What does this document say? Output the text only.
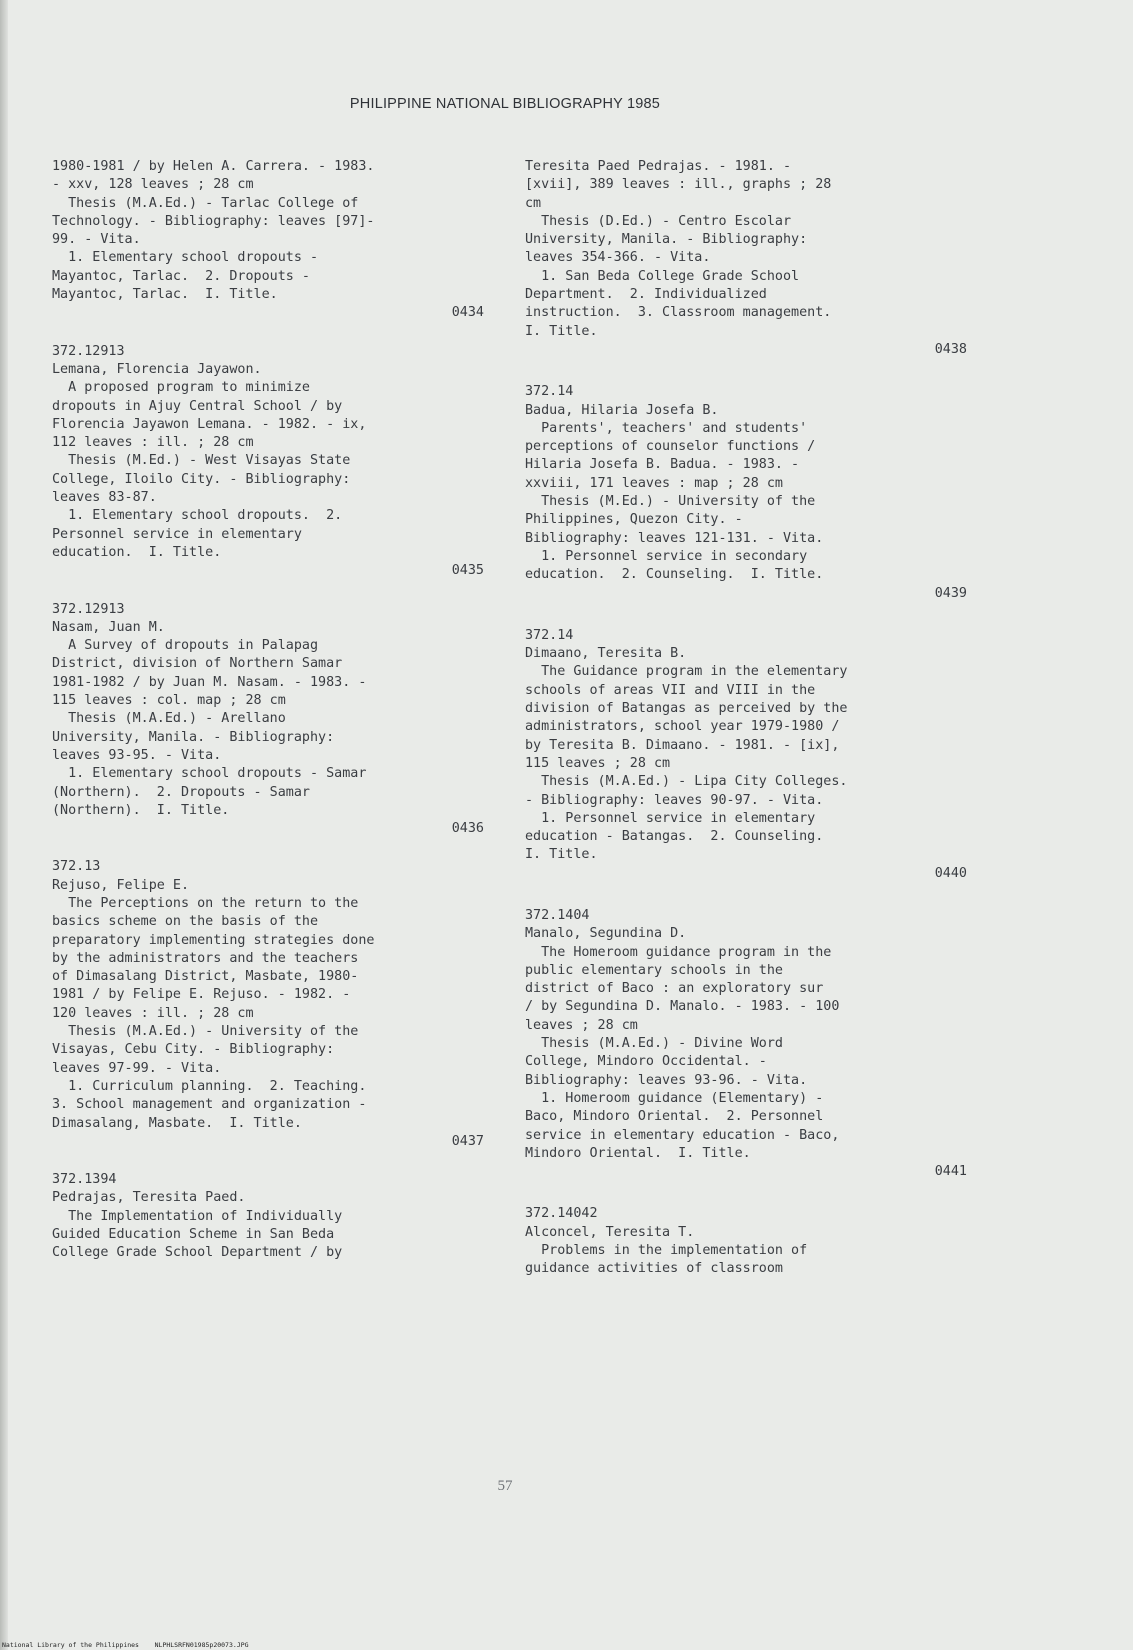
PHILIPPINE NATIONAL BIBLIOGRAPHY 1985
1980-1981 / by Helen A. Carrera. - 1983.
- xxv, 128 leaves ; 28 cm
Thesis (M.A.Ed.) - Tarlac College of
Technology. - Bibliography: leaves [97]-
99. - Vita.
1. Elementary school dropouts -
Mayantoc, Tarlac.  2. Dropouts -
Mayantoc, Tarlac.  I. Title.
0434
372.12913
Lemana, Florencia Jayawon.
A proposed program to minimize
dropouts in Ajuy Central School / by
Florencia Jayawon Lemana. - 1982. - ix,
112 leaves : ill. ; 28 cm
Thesis (M.Ed.) - West Visayas State
College, Iloilo City. - Bibliography:
leaves 83-87.
1. Elementary school dropouts.  2.
Personnel service in elementary
education.  I. Title.
0435
372.12913
Nasam, Juan M.
A Survey of dropouts in Palapag
District, division of Northern Samar
1981-1982 / by Juan M. Nasam. - 1983. -
115 leaves : col. map ; 28 cm
Thesis (M.A.Ed.) - Arellano
University, Manila. - Bibliography:
leaves 93-95. - Vita.
1. Elementary school dropouts - Samar
(Northern).  2. Dropouts - Samar
(Northern).  I. Title.
0436
372.13
Rejuso, Felipe E.
The Perceptions on the return to the
basics scheme on the basis of the
preparatory implementing strategies done
by the administrators and the teachers
of Dimasalang District, Masbate, 1980-
1981 / by Felipe E. Rejuso. - 1982. -
120 leaves : ill. ; 28 cm
Thesis (M.A.Ed.) - University of the
Visayas, Cebu City. - Bibliography:
leaves 97-99. - Vita.
1. Curriculum planning.  2. Teaching.
3. School management and organization -
Dimasalang, Masbate.  I. Title.
0437
372.1394
Pedrajas, Teresita Paed.
The Implementation of Individually
Guided Education Scheme in San Beda
College Grade School Department / by
Teresita Paed Pedrajas. - 1981. -
[xvii], 389 leaves : ill., graphs ; 28
cm
Thesis (D.Ed.) - Centro Escolar
University, Manila. - Bibliography:
leaves 354-366. - Vita.
1. San Beda College Grade School
Department.  2. Individualized
instruction.  3. Classroom management.
I. Title.
0438
372.14
Badua, Hilaria Josefa B.
Parents', teachers' and students'
perceptions of counselor functions /
Hilaria Josefa B. Badua. - 1983. -
xxviii, 171 leaves : map ; 28 cm
Thesis (M.Ed.) - University of the
Philippines, Quezon City. -
Bibliography: leaves 121-131. - Vita.
1. Personnel service in secondary
education.  2. Counseling.  I. Title.
0439
372.14
Dimaano, Teresita B.
The Guidance program in the elementary
schools of areas VII and VIII in the
division of Batangas as perceived by the
administrators, school year 1979-1980 /
by Teresita B. Dimaano. - 1981. - [ix],
115 leaves ; 28 cm
Thesis (M.A.Ed.) - Lipa City Colleges.
- Bibliography: leaves 90-97. - Vita.
1. Personnel service in elementary
education - Batangas.  2. Counseling.
I. Title.
0440
372.1404
Manalo, Segundina D.
The Homeroom guidance program in the
public elementary schools in the
district of Baco : an exploratory sur
/ by Segundina D. Manalo. - 1983. - 100
leaves ; 28 cm
Thesis (M.A.Ed.) - Divine Word
College, Mindoro Occidental. -
Bibliography: leaves 93-96. - Vita.
1. Homeroom guidance (Elementary) -
Baco, Mindoro Oriental.  2. Personnel
service in elementary education - Baco,
Mindoro Oriental.  I. Title.
0441
372.14042
Alconcel, Teresita T.
Problems in the implementation of
guidance activities of classroom
57
National Library of the Philippines    NLPHLSRFN01985p20073.JPG
